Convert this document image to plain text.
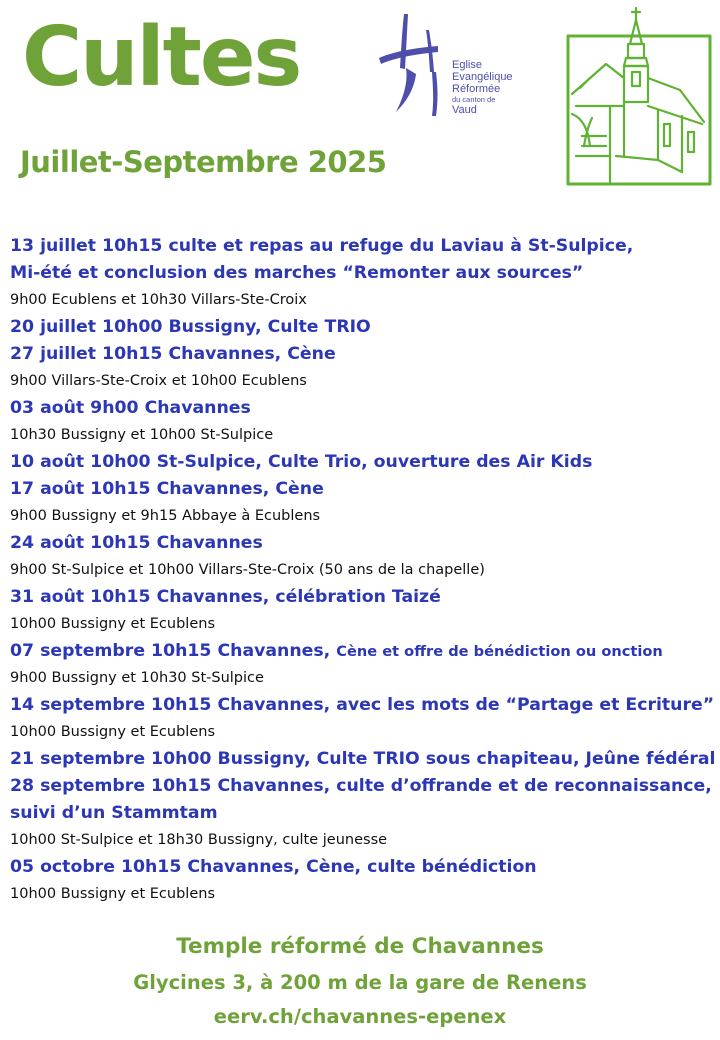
Cultes
Juillet-Septembre 2025
Eglise
Evangélique
Réformée
du canton de
Vaud
13 juillet 10h15 culte et repas au refuge du Laviau à St-Sulpice,
Mi-été et conclusion des marches “Remonter aux sources”
9h00 Ecublens et 10h30 Villars-Ste-Croix
20 juillet 10h00 Bussigny, Culte TRIO
27 juillet 10h15 Chavannes, Cène
9h00 Villars-Ste-Croix et 10h00 Ecublens
03 août 9h00 Chavannes
10h30 Bussigny et 10h00 St-Sulpice
10 août 10h00 St-Sulpice, Culte Trio, ouverture des Air Kids
17 août 10h15 Chavannes, Cène
9h00 Bussigny et 9h15 Abbaye à Ecublens
24 août 10h15 Chavannes
9h00 St-Sulpice et 10h00 Villars-Ste-Croix (50 ans de la chapelle)
31 août 10h15 Chavannes, célébration Taizé
10h00 Bussigny et Ecublens
07 septembre 10h15 Chavannes, Cène et offre de bénédiction ou onction
9h00 Bussigny et 10h30 St-Sulpice
14 septembre 10h15 Chavannes, avec les mots de “Partage et Ecriture”
10h00 Bussigny et Ecublens
21 septembre 10h00 Bussigny, Culte TRIO sous chapiteau, Jeûne fédéral
28 septembre 10h15 Chavannes, culte d’offrande et de reconnaissance,
suivi d’un Stammtam
10h00 St-Sulpice et 18h30 Bussigny, culte jeunesse
05 octobre 10h15 Chavannes, Cène, culte bénédiction
10h00 Bussigny et Ecublens
Temple réformé de Chavannes
Glycines 3, à 200 m de la gare de Renens
eerv.ch/chavannes-epenex
